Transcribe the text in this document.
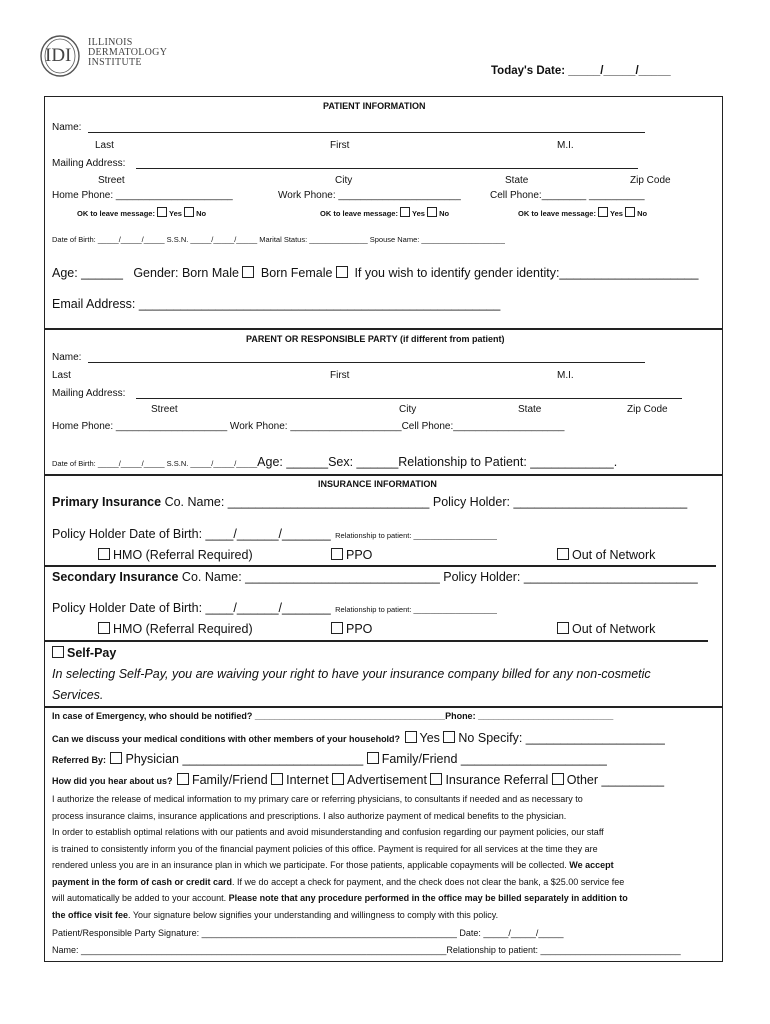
IDI
ILLINOIS
DERMATOLOGY
INSTITUTE
Today's Date: _____/_____/_____
PATIENT INFORMATION
Name:
Last	First	M.I.
Mailing Address:
Street	City	State	Zip Code
Home Phone: _____________________	Work Phone: ______________________	Cell Phone:________ __________
OK to leave message: Yes No	OK to leave message: Yes No	OK to leave message: Yes No
Date of Birth: _____/_____/_____ S.S.N. _____/_____/_____ Marital Status: ______________ Spouse Name: ____________________
Age: ______ Gender: Born Male Born Female If you wish to identify gender identity:____________________
Email Address: ____________________________________________________
PARENT OR RESPONSIBLE PARTY (if different from patient)
Name:
Last	First	M.I.
Mailing Address:
Street	City	State	Zip Code
Home Phone: ____________________ Work Phone: ____________________Cell Phone:____________________
Date of Birth: _____/_____/_____ S.S.N. _____/_____/_____Age: ______Sex: ______Relationship to Patient: ____________.
INSURANCE INFORMATION
Primary Insurance Co. Name: _____________________________ Policy Holder: _________________________
Policy Holder Date of Birth: ____/______/_______ Relationship to patient: ____________________
HMO (Referral Required)	PPO	Out of Network
Secondary Insurance Co. Name: ____________________________ Policy Holder: _________________________
Policy Holder Date of Birth: ____/______/_______ Relationship to patient: ____________________
HMO (Referral Required)	PPO	Out of Network
Self-Pay
In selecting Self-Pay, you are waiving your right to have your insurance company billed for any non-cosmetic
Services.
In case of Emergency, who should be notified? ______________________________________Phone: ___________________________
Can we discuss your medical conditions with other members of your household? Yes No Specify: ____________________
Referred By: Physician __________________________ Family/Friend _____________________
How did you hear about us? Family/Friend Internet Advertisement Insurance Referral Other _________
I authorize the release of medical information to my primary care or referring physicians, to consultants if needed and as necessary to
process insurance claims, insurance applications and prescriptions. I also authorize payment of medical benefits to the physician.
In order to establish optimal relations with our patients and avoid misunderstanding and confusion regarding our payment policies, our staff
is trained to consistently inform you of the financial payment policies of this office. Payment is required for all services at the time they are
rendered unless you are in an insurance plan in which we participate. For those patients, applicable copayments will be collected. We accept
payment in the form of cash or credit card. If we do accept a check for payment, and the check does not clear the bank, a $25.00 service fee
will automatically be added to your account. Please note that any procedure performed in the office may be billed separately in addition to
the office visit fee. Your signature below signifies your understanding and willingness to comply with this policy.
Patient/Responsible Party Signature: ___________________________________________________ Date: _____/_____/_____
Name: _________________________________________________________________________Relationship to patient: ____________________________
